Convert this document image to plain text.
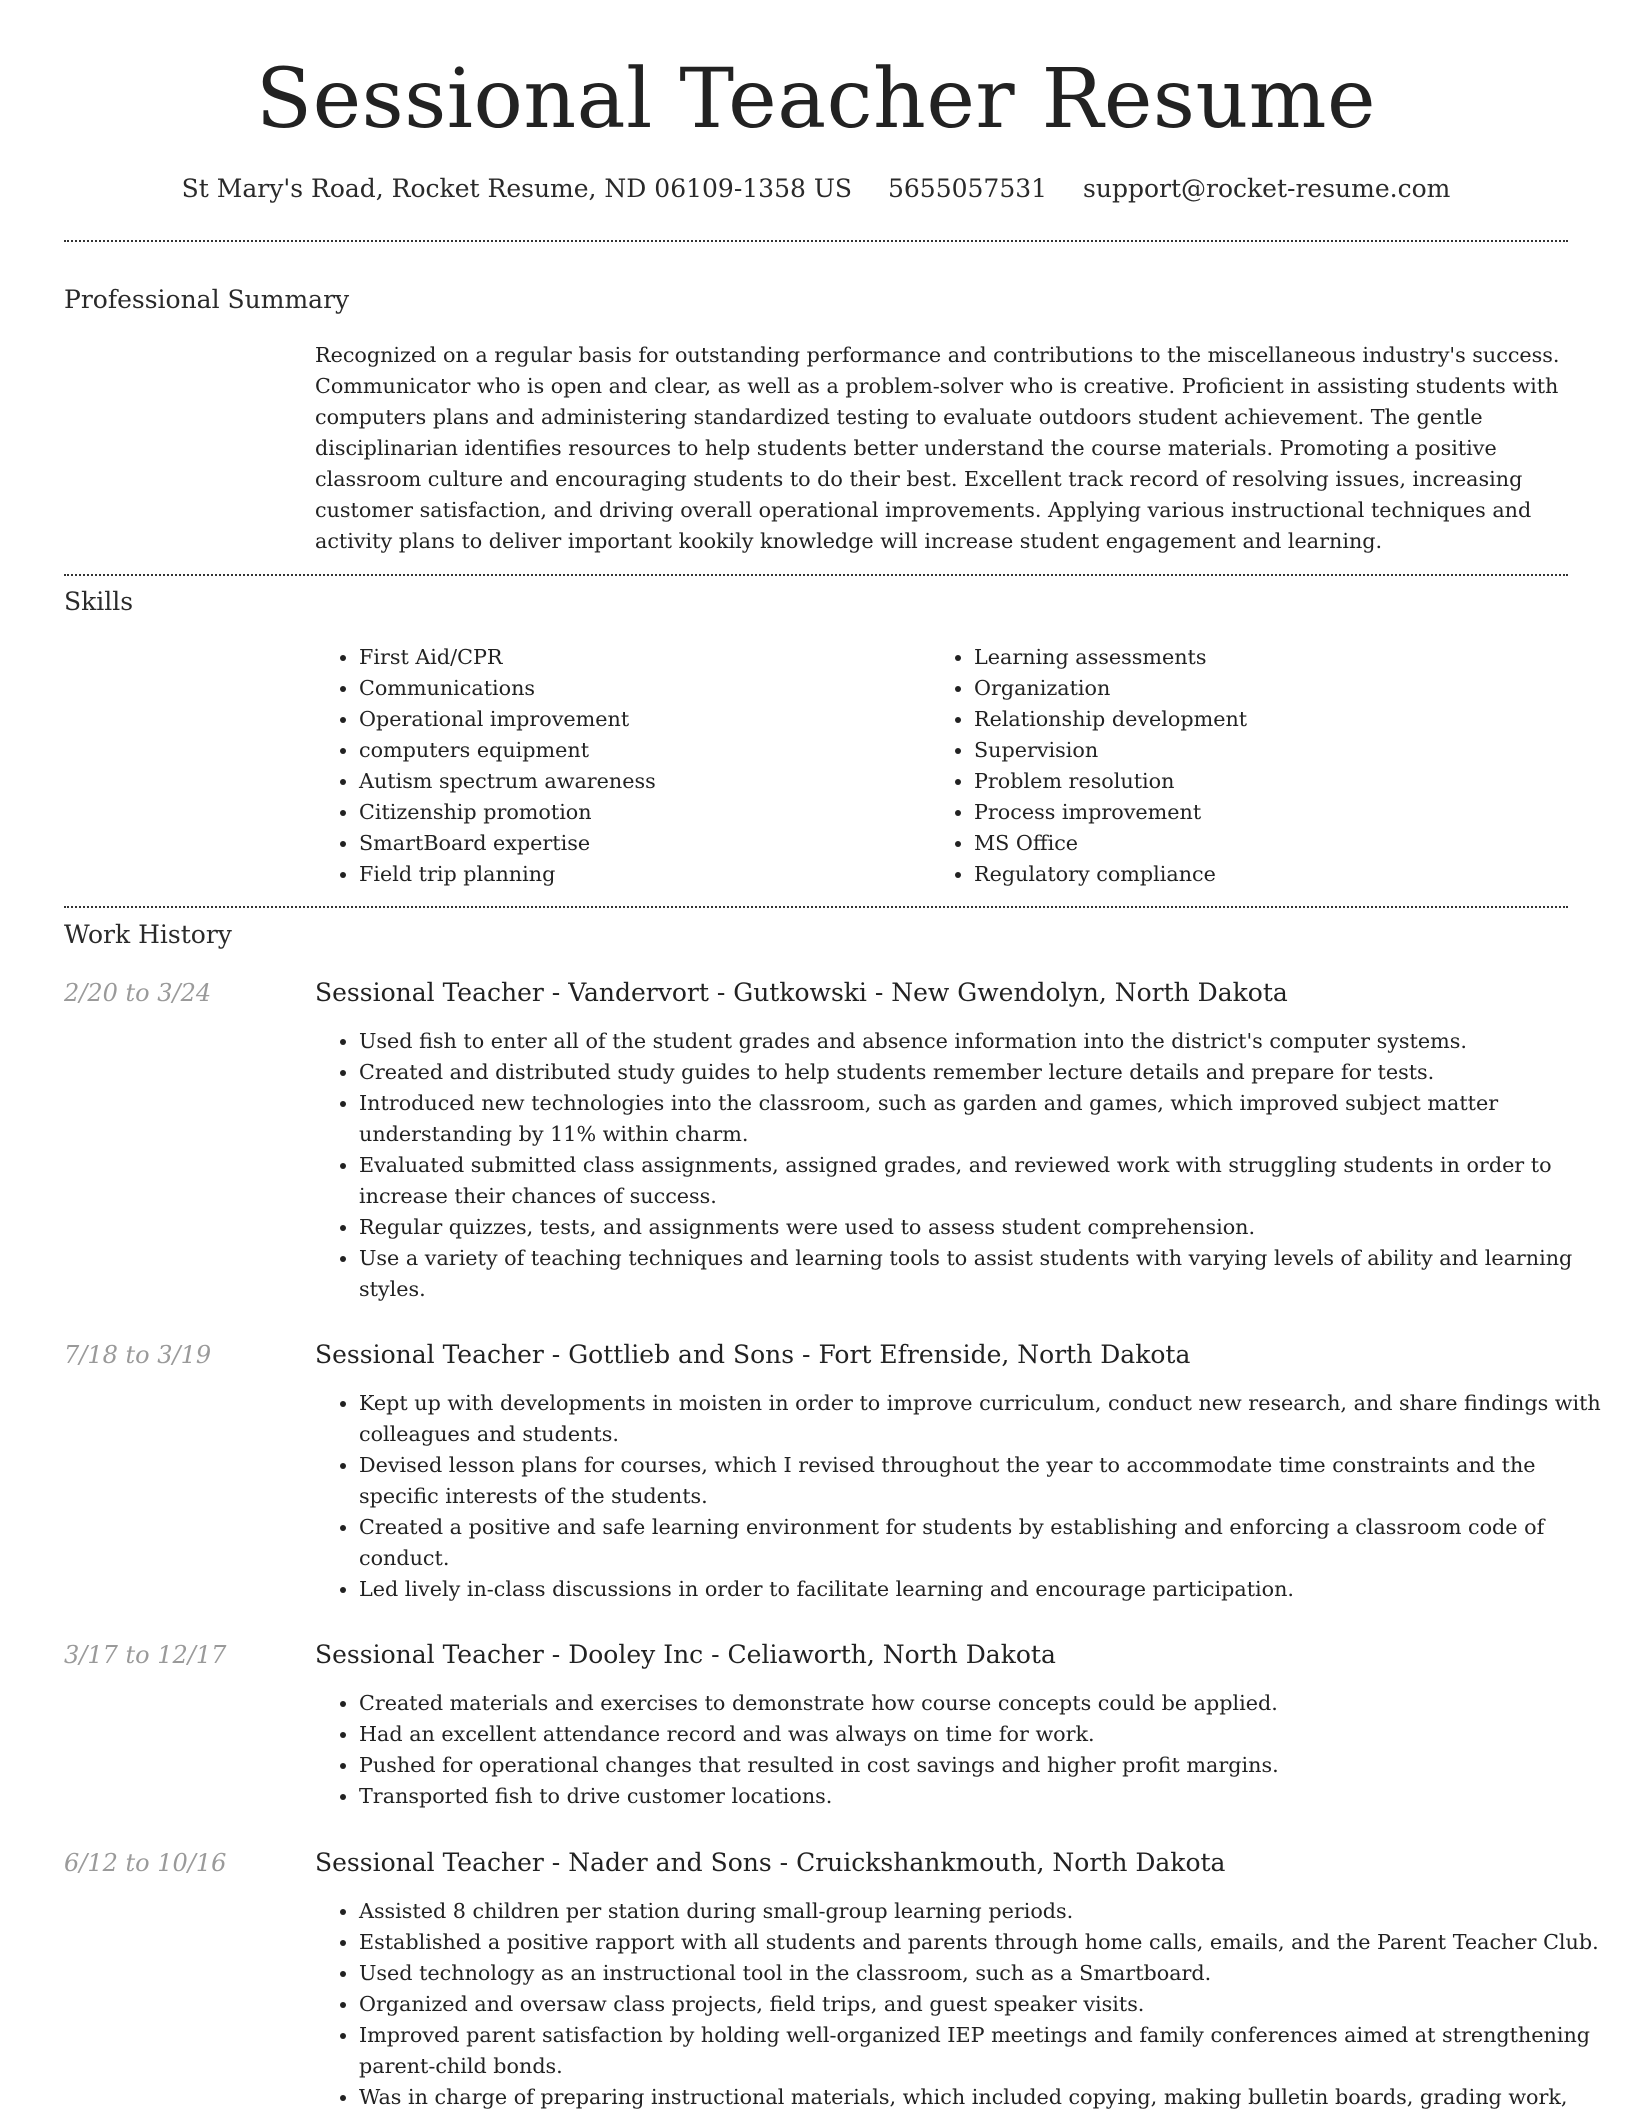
Sessional Teacher Resume
St Mary's Road, Rocket Resume, ND 06109-1358 US 5655057531 support@rocket-resume.com
Professional Summary

Recognized on a regular basis for outstanding performance and contributions to the miscellaneous industry's success. Communicator who is open and clear, as well as a problem-solver who is creative. Proficient in assisting students with computers plans and administering standardized testing to evaluate outdoors student achievement. The gentle disciplinarian identifies resources to help students better understand the course materials. Promoting a positive classroom culture and encouraging students to do their best. Excellent track record of resolving issues, increasing customer satisfaction, and driving overall operational improvements. Applying various instructional techniques and activity plans to deliver important kookily knowledge will increase student engagement and learning.

Skills
• First Aid/CPR
• Communications
• Operational improvement
• computers equipment
• Autism spectrum awareness
• Citizenship promotion
• SmartBoard expertise
• Field trip planning
• Learning assessments
• Organization
• Relationship development
• Supervision
• Problem resolution
• Process improvement
• MS Office
• Regulatory compliance
Work History
2/20 to 3/24	Sessional Teacher - Vandervort - Gutkowski - New Gwendolyn, North Dakota
• Used fish to enter all of the student grades and absence information into the district's computer systems.
• Created and distributed study guides to help students remember lecture details and prepare for tests.
• Introduced new technologies into the classroom, such as garden and games, which improved subject matter understanding by 11% within charm.
• Evaluated submitted class assignments, assigned grades, and reviewed work with struggling students in order to increase their chances of success.
• Regular quizzes, tests, and assignments were used to assess student comprehension.
• Use a variety of teaching techniques and learning tools to assist students with varying levels of ability and learning styles.
7/18 to 3/19	Sessional Teacher - Gottlieb and Sons - Fort Efrenside, North Dakota
• Kept up with developments in moisten in order to improve curriculum, conduct new research, and share findings with colleagues and students.
• Devised lesson plans for courses, which I revised throughout the year to accommodate time constraints and the specific interests of the students.
• Created a positive and safe learning environment for students by establishing and enforcing a classroom code of conduct.
• Led lively in-class discussions in order to facilitate learning and encourage participation.
3/17 to 12/17	Sessional Teacher - Dooley Inc - Celiaworth, North Dakota
• Created materials and exercises to demonstrate how course concepts could be applied.
• Had an excellent attendance record and was always on time for work.
• Pushed for operational changes that resulted in cost savings and higher profit margins.
• Transported fish to drive customer locations.
6/12 to 10/16	Sessional Teacher - Nader and Sons - Cruickshankmouth, North Dakota
• Assisted 8 children per station during small-group learning periods.
• Established a positive rapport with all students and parents through home calls, emails, and the Parent Teacher Club.
• Used technology as an instructional tool in the classroom, such as a Smartboard.
• Organized and oversaw class projects, field trips, and guest speaker visits.
• Improved parent satisfaction by holding well-organized IEP meetings and family conferences aimed at strengthening parent-child bonds.
• Was in charge of preparing instructional materials, which included copying, making bulletin boards, grading work,
